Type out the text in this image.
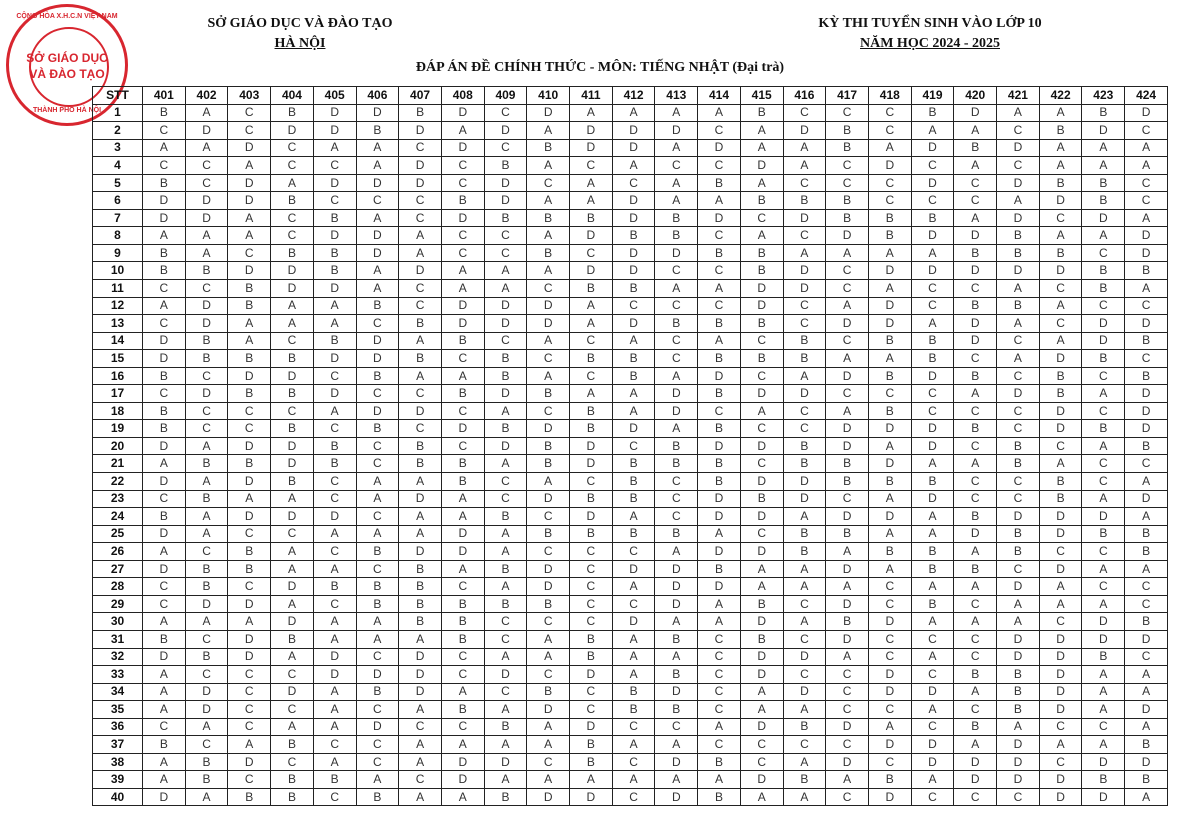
CỘNG HÒA X.H.C.N VIỆT NAM
SỞ GIÁO DỤC
VÀ ĐÀO TẠO
THÀNH PHỐ HÀ NỘI
SỞ GIÁO DỤC VÀ ĐÀO TẠO
HÀ NỘI
KỲ THI TUYỂN SINH VÀO LỚP 10
NĂM HỌC 2024 - 2025
ĐÁP ÁN ĐỀ CHÍNH THỨC - MÔN: TIẾNG NHẬT (Đại trà)
STT	401	402	403	404	405	406	407	408	409	410	411	412	413	414	415	416	417	418	419	420	421	422	423	424
1	B	A	C	B	D	D	B	D	C	D	A	A	A	A	B	C	C	C	B	D	A	A	B	D
2	C	D	C	D	D	B	D	A	D	A	D	D	D	C	A	D	B	C	A	A	C	B	D	C
3	A	A	D	C	A	A	C	D	C	B	D	D	A	D	A	A	B	A	D	B	D	A	A	A
4	C	C	A	C	C	A	D	C	B	A	C	A	C	C	D	A	C	D	C	A	C	A	A	A
5	B	C	D	A	D	D	D	C	D	C	A	C	A	B	A	C	C	C	D	C	D	B	B	C
6	D	D	D	B	C	C	C	B	D	A	A	D	A	A	B	B	B	C	C	C	A	D	B	C
7	D	D	A	C	B	A	C	D	B	B	B	D	B	D	C	D	B	B	B	A	D	C	D	A
8	A	A	A	C	D	D	A	C	C	A	D	B	B	C	A	C	D	B	D	D	B	A	A	D
9	B	A	C	B	B	D	A	C	C	B	C	D	D	B	B	A	A	A	A	B	B	B	C	D
10	B	B	D	D	B	A	D	A	A	A	D	D	C	C	B	D	C	D	D	D	D	D	B	B
11	C	C	B	D	D	A	C	A	A	C	B	B	A	A	D	D	C	A	C	C	A	C	B	A
12	A	D	B	A	A	B	C	D	D	D	A	C	C	C	D	C	A	D	C	B	B	A	C	C
13	C	D	A	A	A	C	B	D	D	D	A	D	B	B	B	C	D	D	A	D	A	C	D	D
14	D	B	A	C	B	D	A	B	C	A	C	A	C	A	C	B	C	B	B	D	C	A	D	B
15	D	B	B	B	D	D	B	C	B	C	B	B	C	B	B	B	A	A	B	C	A	D	B	C
16	B	C	D	D	C	B	A	A	B	A	C	B	A	D	C	A	D	B	D	B	C	B	C	B
17	C	D	B	B	D	C	C	B	D	B	A	A	D	B	D	D	C	C	C	A	D	B	A	D
18	B	C	C	C	A	D	D	C	A	C	B	A	D	C	A	C	A	B	C	C	C	D	C	D
19	B	C	C	B	C	B	C	D	B	D	B	D	A	B	C	C	D	D	D	B	C	D	B	D
20	D	A	D	D	B	C	B	C	D	B	D	C	B	D	D	B	D	A	D	C	B	C	A	B
21	A	B	B	D	B	C	B	B	A	B	D	B	B	B	C	B	B	D	A	A	B	A	C	C
22	D	A	D	B	C	A	A	B	C	A	C	B	C	B	D	D	B	B	B	C	C	B	C	A
23	C	B	A	A	C	A	D	A	C	D	B	B	C	D	B	D	C	A	D	C	C	B	A	D
24	B	A	D	D	D	C	A	A	B	C	D	A	C	D	D	A	D	D	A	B	D	D	D	A
25	D	A	C	C	A	A	A	D	A	B	B	B	B	A	C	B	B	A	A	D	B	D	B	B
26	A	C	B	A	C	B	D	D	A	C	C	C	A	D	D	B	A	B	B	A	B	C	C	B
27	D	B	B	A	A	C	B	A	B	D	C	D	D	B	A	A	D	A	B	B	C	D	A	A
28	C	B	C	D	B	B	B	C	A	D	C	A	D	D	A	A	A	C	A	A	D	A	C	C
29	C	D	D	A	C	B	B	B	B	B	C	C	D	A	B	C	D	C	B	C	A	A	A	C
30	A	A	A	D	A	A	B	B	C	C	C	D	A	A	D	A	B	D	A	A	A	C	D	B
31	B	C	D	B	A	A	A	B	C	A	B	A	B	C	B	C	D	C	C	C	D	D	D	D
32	D	B	D	A	D	C	D	C	A	A	B	A	A	C	D	D	A	C	A	C	D	D	B	C
33	A	C	C	C	D	D	D	C	D	C	D	A	B	C	D	C	C	D	C	B	B	D	A	A
34	A	D	C	D	A	B	D	A	C	B	C	B	D	C	A	D	C	D	D	A	B	D	A	A
35	A	D	C	C	A	C	A	B	A	D	C	B	B	C	A	A	C	C	A	C	B	D	A	D
36	C	A	C	A	A	D	C	C	B	A	D	C	C	A	D	B	D	A	C	B	A	C	C	A
37	B	C	A	B	C	C	A	A	A	A	B	A	A	C	C	C	C	D	D	A	D	A	A	B
38	A	B	D	C	A	C	A	D	D	C	B	C	D	B	C	A	D	C	D	D	D	C	D	D
39	A	B	C	B	B	A	C	D	A	A	A	A	A	A	D	B	A	B	A	D	D	D	B	B
40	D	A	B	B	C	B	A	A	B	D	D	C	D	B	A	A	C	D	C	C	C	D	D	A
